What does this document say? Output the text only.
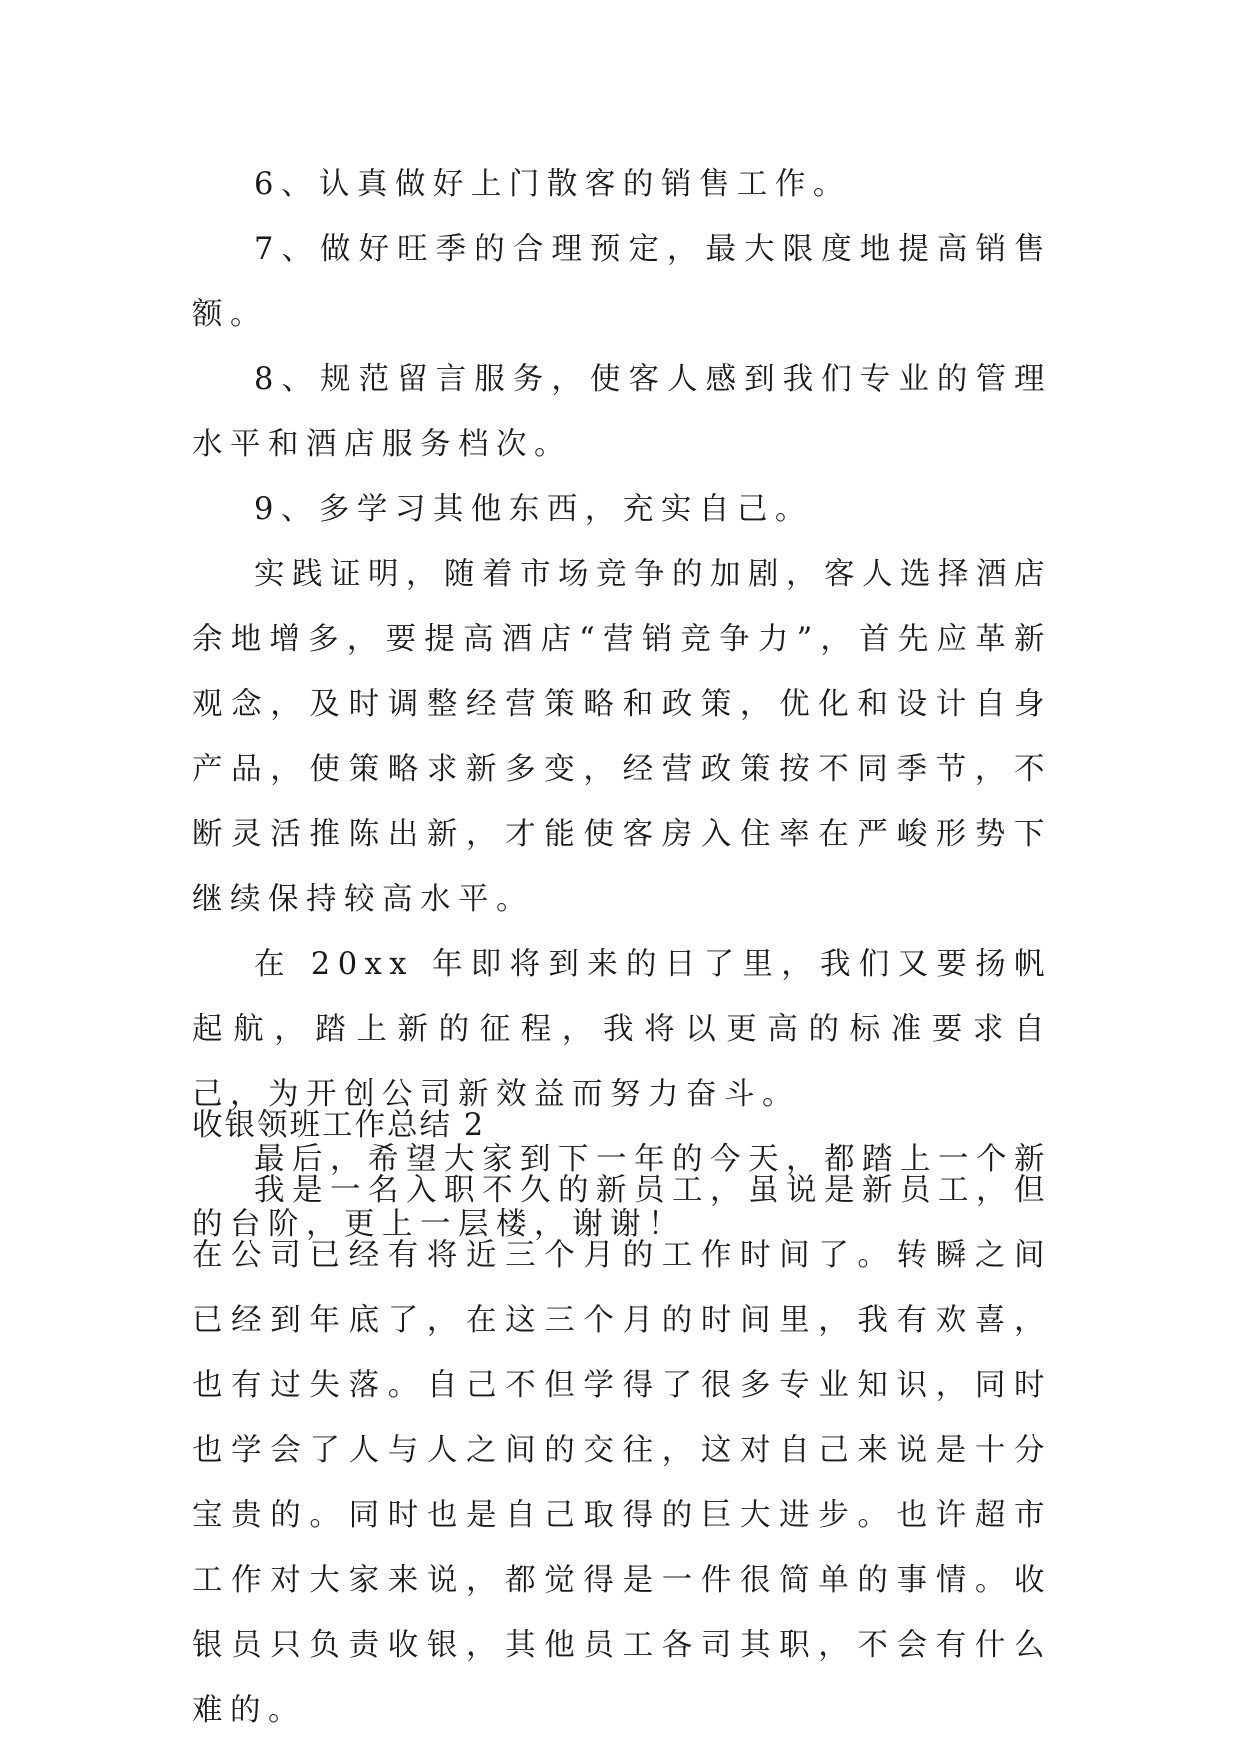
6、认真做好上门散客的销售工作。

7、做好旺季的合理预定，最大限度地提高销售额。

8、规范留言服务，使客人感到我们专业的管理水平和酒店服务档次。

9、多学习其他东西，充实自己。

实践证明，随着市场竞争的加剧，客人选择酒店余地增多，要提高酒店“营销竞争力”，首先应革新观念，及时调整经营策略和政策，优化和设计自身产品，使策略求新多变，经营政策按不同季节，不断灵活推陈出新，才能使客房入住率在严峻形势下继续保持较高水平。

在 20xx 年即将到来的日了里，我们又要扬帆起航，踏上新的征程，我将以更高的标准要求自己，为开创公司新效益而努力奋斗。

最后，希望大家到下一年的今天，都踏上一个新的台阶，更上一层楼，谢谢！

收银领班工作总结 2

我是一名入职不久的新员工，虽说是新员工，但在公司已经有将近三个月的工作时间了。转瞬之间已经到年底了，在这三个月的时间里，我有欢喜，也有过失落。自己不但学得了很多专业知识，同时也学会了人与人之间的交往，这对自己来说是十分宝贵的。同时也是自己取得的巨大进步。也许超市工作对大家来说，都觉得是一件很简单的事情。收银员只负责收银，其他员工各司其职，不会有什么难的。
